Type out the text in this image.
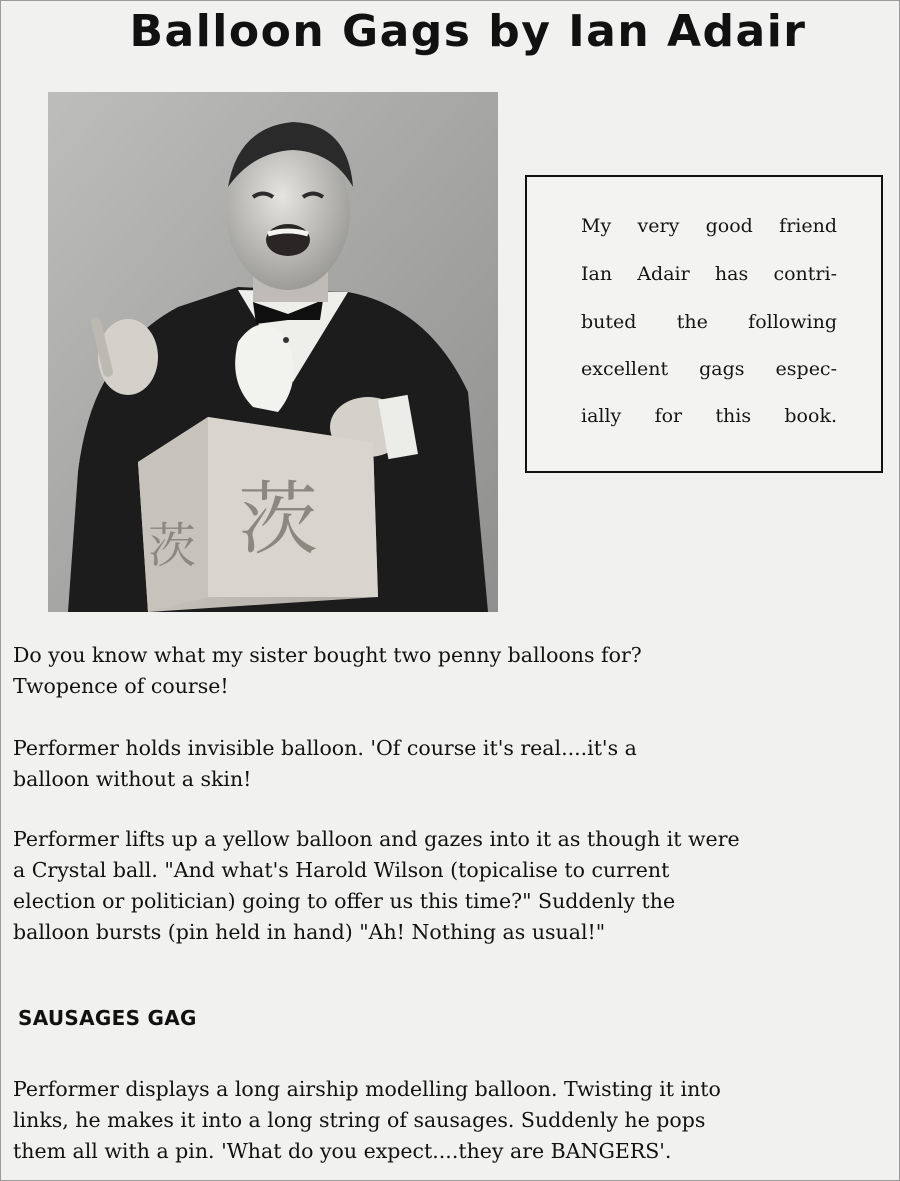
Balloon Gags by Ian Adair
茨
茨
My very good friend
Ian Adair has contri-
buted the following
excellent gags espec-
ially for this book.
Do you know what my sister bought two penny balloons for?
Twopence of course!
Performer holds invisible balloon. 'Of course it's real....it's a
balloon without a skin!
Performer lifts up a yellow balloon and gazes into it as though it were
a Crystal ball. "And what's Harold Wilson (topicalise to current
election or politician) going to offer us this time?" Suddenly the
balloon bursts (pin held in hand) "Ah! Nothing as usual!"
SAUSAGES GAG
Performer displays a long airship modelling balloon. Twisting it into
links, he makes it into a long string of sausages. Suddenly he pops
them all with a pin. 'What do you expect....they are BANGERS'.
